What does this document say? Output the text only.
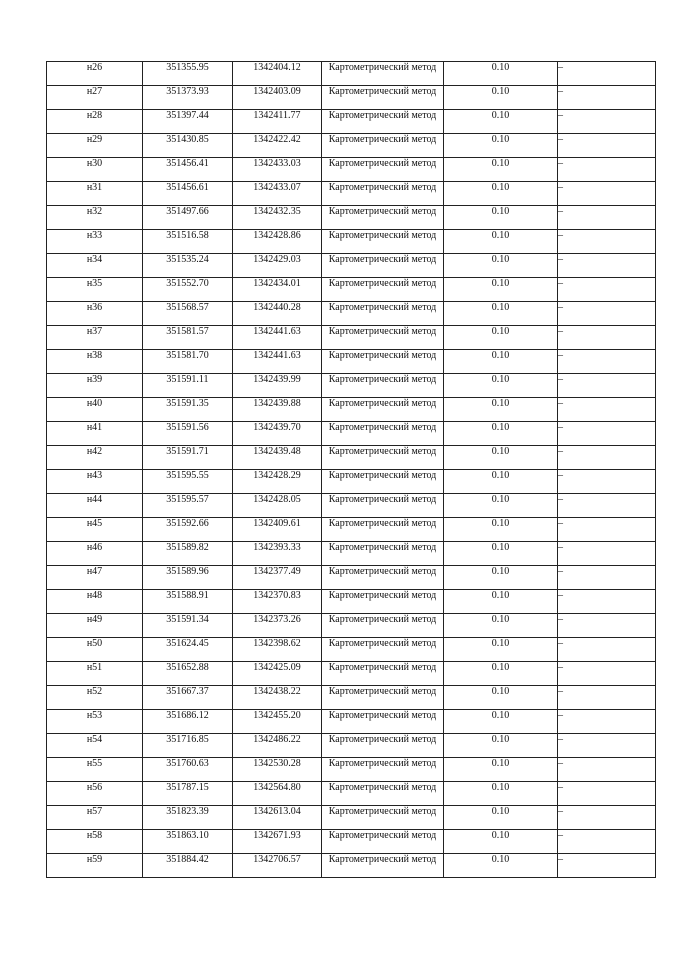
н26	351355.95	1342404.12	Картометрический метод	0.10	–
н27	351373.93	1342403.09	Картометрический метод	0.10	–
н28	351397.44	1342411.77	Картометрический метод	0.10	–
н29	351430.85	1342422.42	Картометрический метод	0.10	–
н30	351456.41	1342433.03	Картометрический метод	0.10	–
н31	351456.61	1342433.07	Картометрический метод	0.10	–
н32	351497.66	1342432.35	Картометрический метод	0.10	–
н33	351516.58	1342428.86	Картометрический метод	0.10	–
н34	351535.24	1342429.03	Картометрический метод	0.10	–
н35	351552.70	1342434.01	Картометрический метод	0.10	–
н36	351568.57	1342440.28	Картометрический метод	0.10	–
н37	351581.57	1342441.63	Картометрический метод	0.10	–
н38	351581.70	1342441.63	Картометрический метод	0.10	–
н39	351591.11	1342439.99	Картометрический метод	0.10	–
н40	351591.35	1342439.88	Картометрический метод	0.10	–
н41	351591.56	1342439.70	Картометрический метод	0.10	–
н42	351591.71	1342439.48	Картометрический метод	0.10	–
н43	351595.55	1342428.29	Картометрический метод	0.10	–
н44	351595.57	1342428.05	Картометрический метод	0.10	–
н45	351592.66	1342409.61	Картометрический метод	0.10	–
н46	351589.82	1342393.33	Картометрический метод	0.10	–
н47	351589.96	1342377.49	Картометрический метод	0.10	–
н48	351588.91	1342370.83	Картометрический метод	0.10	–
н49	351591.34	1342373.26	Картометрический метод	0.10	–
н50	351624.45	1342398.62	Картометрический метод	0.10	–
н51	351652.88	1342425.09	Картометрический метод	0.10	–
н52	351667.37	1342438.22	Картометрический метод	0.10	–
н53	351686.12	1342455.20	Картометрический метод	0.10	–
н54	351716.85	1342486.22	Картометрический метод	0.10	–
н55	351760.63	1342530.28	Картометрический метод	0.10	–
н56	351787.15	1342564.80	Картометрический метод	0.10	–
н57	351823.39	1342613.04	Картометрический метод	0.10	–
н58	351863.10	1342671.93	Картометрический метод	0.10	–
н59	351884.42	1342706.57	Картометрический метод	0.10	–
